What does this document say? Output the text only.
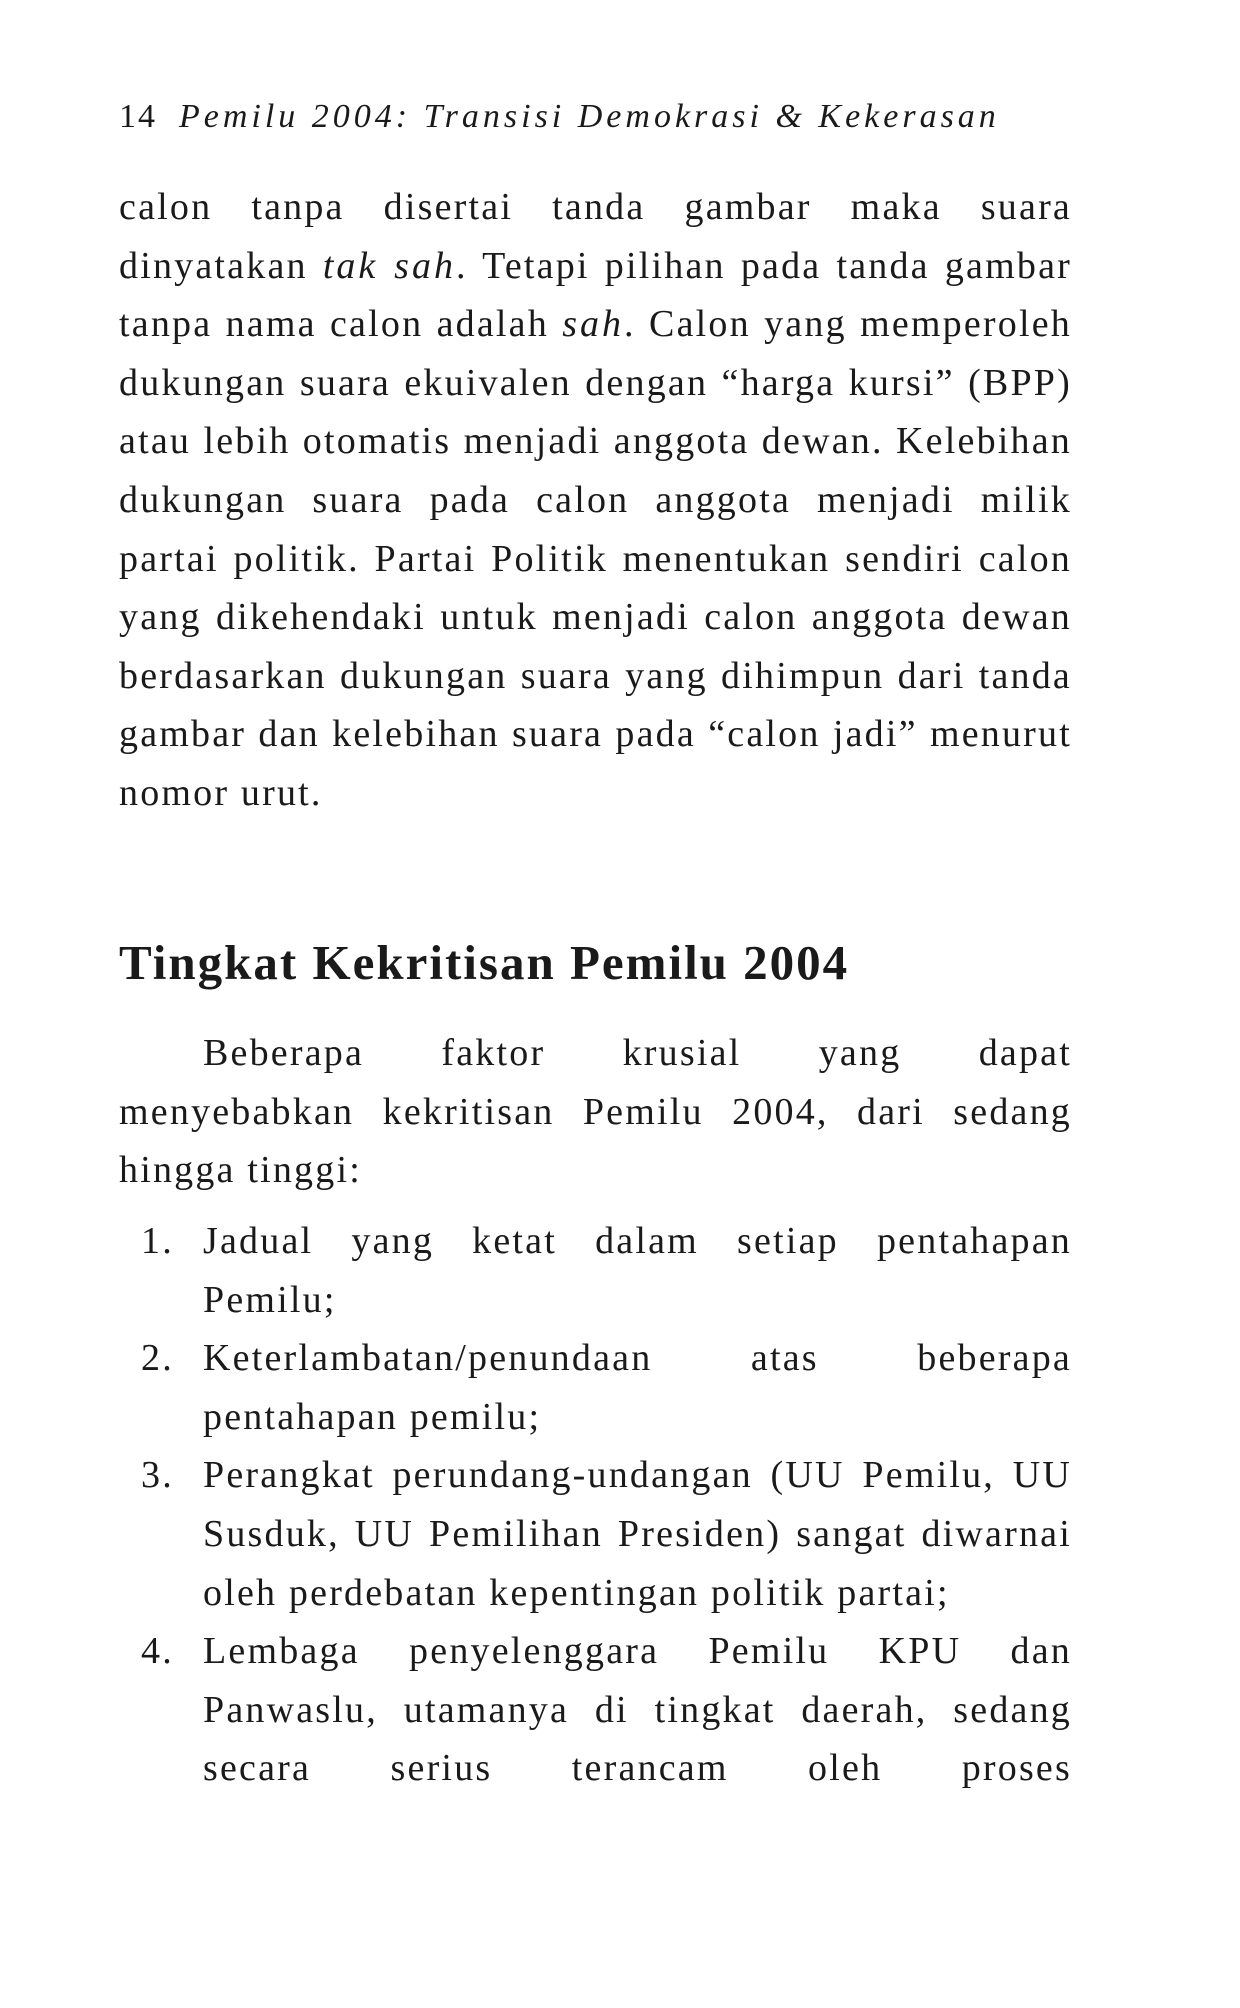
14 Pemilu 2004: Transisi Demokrasi & Kekerasan

calon tanpa disertai tanda gambar maka suara dinyatakan tak sah. Tetapi pilihan pada tanda gambar tanpa nama calon adalah sah. Calon yang memperoleh dukungan suara ekuivalen dengan “harga kursi” (BPP) atau lebih otomatis menjadi anggota dewan. Kelebihan dukungan suara pada calon anggota menjadi milik partai politik. Partai Politik menentukan sendiri calon yang dikehendaki untuk menjadi calon anggota dewan berdasarkan dukungan suara yang dihimpun dari tanda gambar dan kelebihan suara pada “calon jadi” menurut nomor urut.

Tingkat Kekritisan Pemilu 2004

Beberapa faktor krusial yang dapat
menyebabkan kekritisan Pemilu 2004, dari sedang hingga tinggi:

1. Jadual yang ketat dalam setiap pentahapan Pemilu;
2. Keterlambatan/penundaan atas beberapa pentahapan pemilu;
3. Perangkat perundang-undangan (UU Pemilu, UU Susduk, UU Pemilihan Presiden) sangat diwarnai oleh perdebatan kepentingan politik partai;
4. Lembaga penyelenggara Pemilu KPU dan Panwaslu, utamanya di tingkat daerah, sedang secara serius terancam oleh proses
